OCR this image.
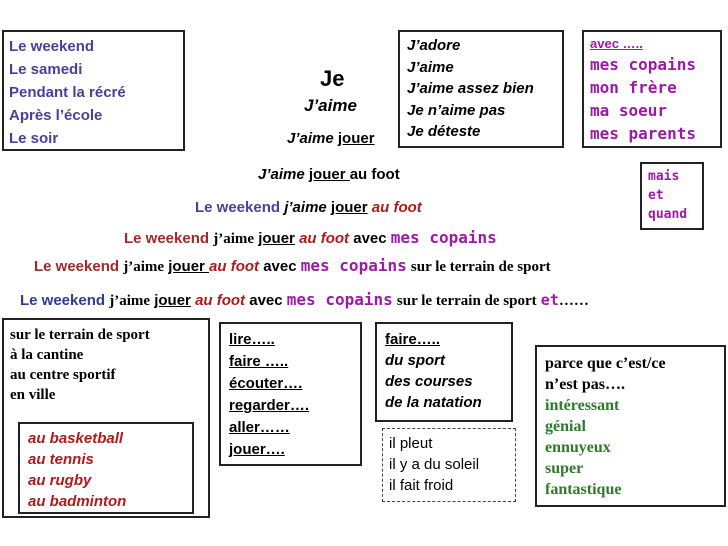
Le weekend
Le samedi
Pendant la récré
Après l’école
Le soir
Je
J’aime
J’aime jouer
J’adore
J’aime
J’aime assez bien
Je n’aime pas
Je déteste
avec …..
mes copains
mon frère
ma soeur
mes parents
mais
et
quand
J’aime jouer au foot
Le weekend j’aime jouer au foot
Le weekend j’aime jouer au foot avec mes copains
Le weekend j’aime jouer au foot avec mes copains sur le terrain de sport
Le weekend j’aime jouer au foot avec mes copains sur le terrain de sport et……
sur le terrain de sport
à la cantine
au centre sportif
en ville
au basketball
au tennis
au rugby
au badminton
lire…..
faire …..
écouter….
regarder….
aller……
jouer….
faire…..
du sport
des courses
de la natation
il pleut
il y a du soleil
il fait froid
parce que c’est/ce
n’est pas….
intéressant
génial
ennuyeux
super
fantastique
